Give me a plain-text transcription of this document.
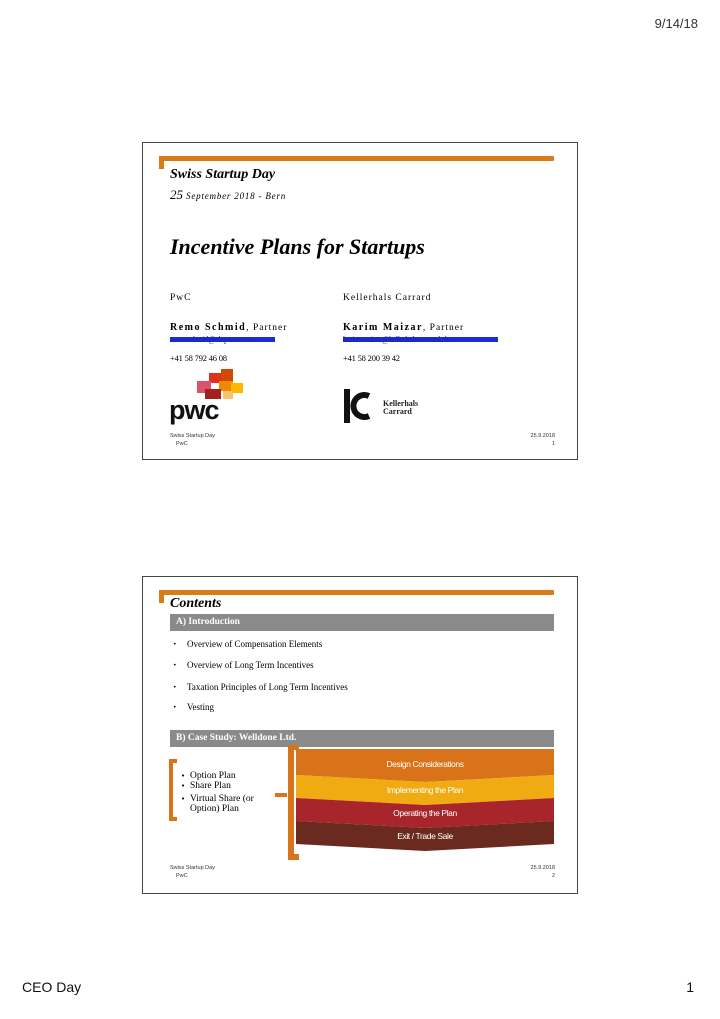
9/14/18
Swiss Startup Day
25 September 2018 - Bern
Incentive Plans for Startups
PwC	Kellerhals Carrard
Remo Schmid, Partner	Karim Maizar, Partner
remo.schmid@ch.pwc.com	karim.maizar@kellerhals-carrard.ch
+41 58 792 46 08	+41 58 200 39 42
pwc	Kellerhals
Carrard
Swiss Startup Day
PwC
25.9.2018
1
Contents
A) Introduction
• Overview of Compensation Elements
• Overview of Long Term Incentives
• Taxation Principles of Long Term Incentives
• Vesting
B) Case Study: Welldone Ltd.
• Option Plan
• Share Plan
• Virtual Share (or
Option) Plan
Design Considerations
Implementing the Plan
Operating the Plan
Exit / Trade Sale
Swiss Startup Day
PwC
25.9.2018
2
CEO Day	1
